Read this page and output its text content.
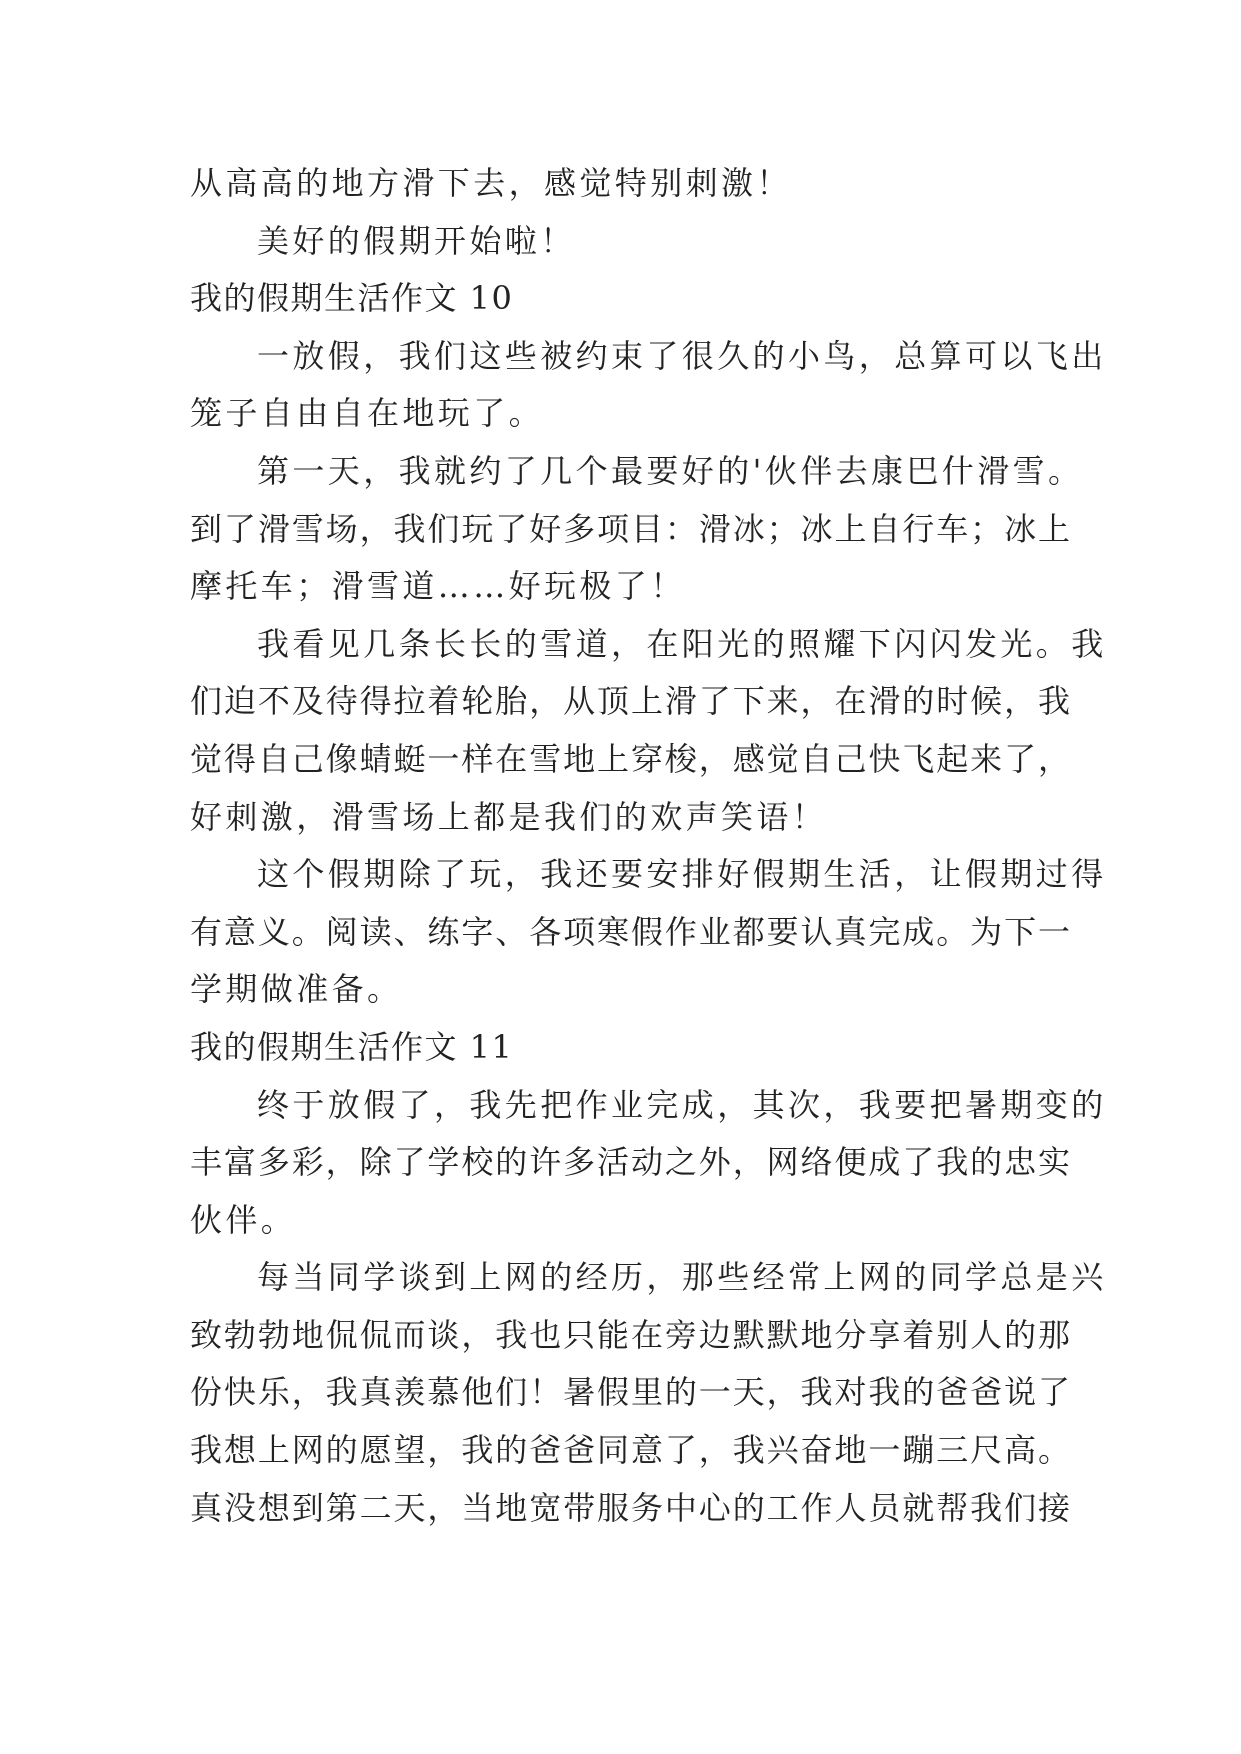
从高高的地方滑下去，感觉特别刺激！
美好的假期开始啦！
我的假期生活作文 10
一放假，我们这些被约束了很久的小鸟，总算可以飞出
笼子自由自在地玩了。
第一天，我就约了几个最要好的'伙伴去康巴什滑雪。
到了滑雪场，我们玩了好多项目：滑冰；冰上自行车；冰上
摩托车；滑雪道……好玩极了！
我看见几条长长的雪道，在阳光的照耀下闪闪发光。我
们迫不及待得拉着轮胎，从顶上滑了下来，在滑的时候，我
觉得自己像蜻蜓一样在雪地上穿梭，感觉自己快飞起来了，
好刺激，滑雪场上都是我们的欢声笑语！
这个假期除了玩，我还要安排好假期生活，让假期过得
有意义。阅读、练字、各项寒假作业都要认真完成。为下一
学期做准备。
我的假期生活作文 11
终于放假了，我先把作业完成，其次，我要把暑期变的
丰富多彩，除了学校的许多活动之外，网络便成了我的忠实
伙伴。
每当同学谈到上网的经历，那些经常上网的同学总是兴
致勃勃地侃侃而谈，我也只能在旁边默默地分享着别人的那
份快乐，我真羡慕他们！暑假里的一天，我对我的爸爸说了
我想上网的愿望，我的爸爸同意了，我兴奋地一蹦三尺高。
真没想到第二天，当地宽带服务中心的工作人员就帮我们接
